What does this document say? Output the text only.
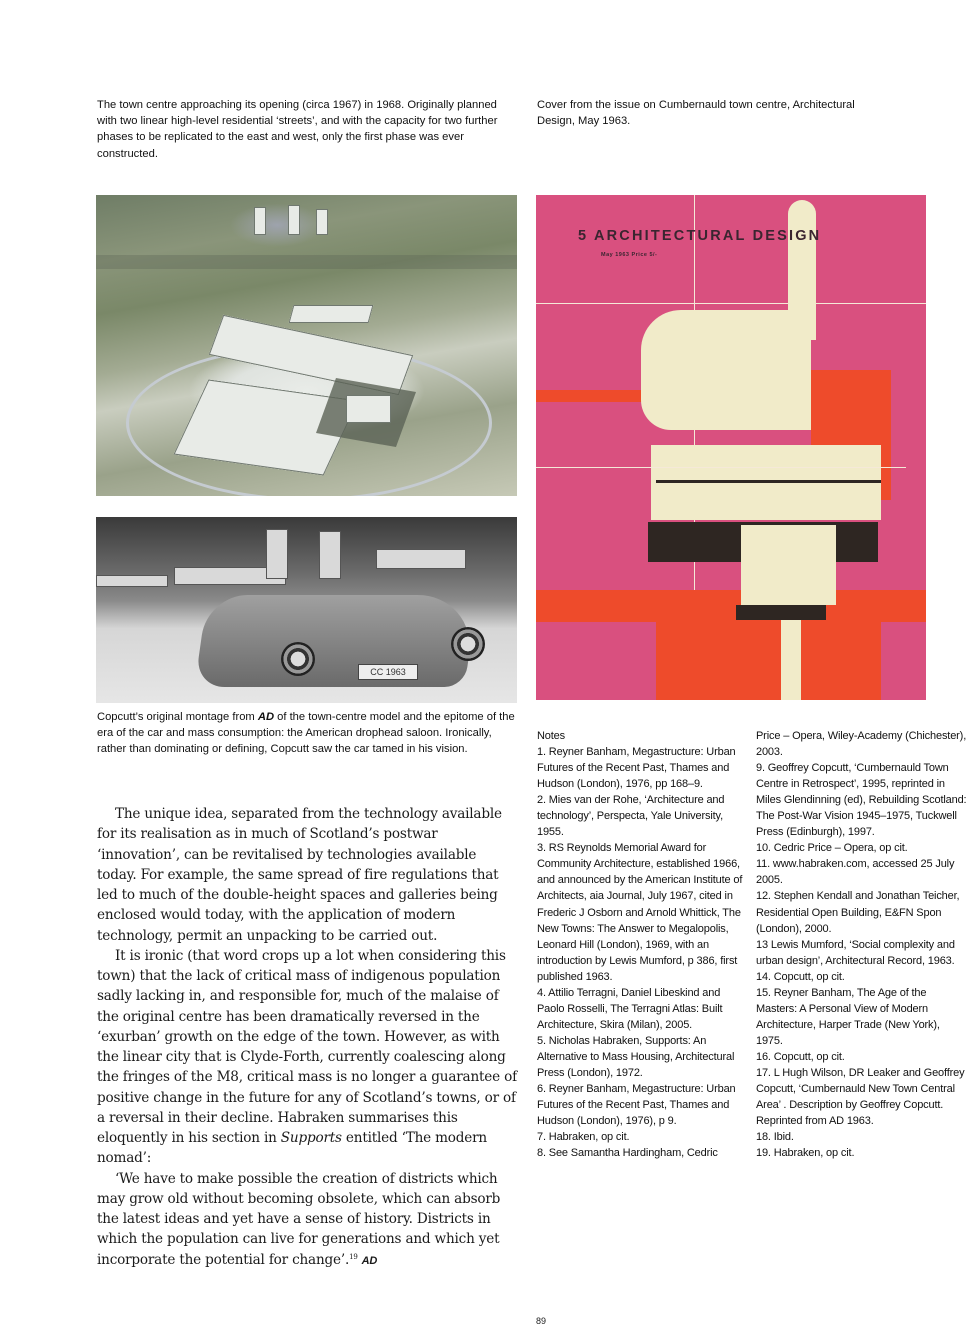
The town centre approaching its opening (circa 1967) in 1968. Originally planned with two linear high-level residential ‘streets’, and with the capacity for two further phases to be replicated to the east and west, only the first phase was ever constructed.
Cover from the issue on Cumbernauld town centre, Architectural Design, May 1963.
CC 1963
Copcutt’s original montage from AD of the town-centre model and the epitome of the era of the car and mass consumption: the American drophead saloon. Ironically, rather than dominating or defining, Copcutt saw the car tamed in his vision.
5 ARCHITECTURAL DESIGN
May 1963 Price 5/-

The unique idea, separated from the technology available for its realisation as in much of Scotland’s postwar ‘innovation’, can be revitalised by technologies available today. For example, the same spread of fire regulations that led to much of the double-height spaces and galleries being enclosed would today, with the application of modern technology, permit an unpacking to be carried out.

It is ironic (that word crops up a lot when considering this town) that the lack of critical mass of indigenous population sadly lacking in, and responsible for, much of the malaise of the original centre has been dramatically reversed in the ‘exurban’ growth on the edge of the town. However, as with the linear city that is Clyde-Forth, currently coalescing along the fringes of the M8, critical mass is no longer a guarantee of positive change in the future for any of Scotland’s towns, or of a reversal in their decline. Habraken summarises this eloquently in his section in Supports entitled ‘The modern nomad’:

‘We have to make possible the creation of districts which may grow old without becoming obsolete, which can absorb the latest ideas and yet have a sense of history. Districts in which the population can live for generations and which yet incorporate the potential for change’.$^{19}$ AD

Notes
1. Reyner Banham, Megastructure: Urban Futures of the Recent Past, Thames and Hudson (London), 1976, pp 168–9.
2. Mies van der Rohe, ‘Architecture and technology’, Perspecta, Yale University, 1955.
3. RS Reynolds Memorial Award for Community Architecture, established 1966, and announced by the American Institute of Architects, aia Journal, July 1967, cited in Frederic J Osborn and Arnold Whittick, The New Towns: The Answer to Megalopolis, Leonard Hill (London), 1969, with an introduction by Lewis Mumford, p 386, first published 1963.
4. Attilio Terragni, Daniel Libeskind and Paolo Rosselli, The Terragni Atlas: Built Architecture, Skira (Milan), 2005.
5. Nicholas Habraken, Supports: An Alternative to Mass Housing, Architectural Press (London), 1972.
6. Reyner Banham, Megastructure: Urban Futures of the Recent Past, Thames and Hudson (London), 1976), p 9.
7. Habraken, op cit.
8. See Samantha Hardingham, Cedric
Price – Opera, Wiley-Academy (Chichester), 2003.
9. Geoffrey Copcutt, ‘Cumbernauld Town Centre in Retrospect’, 1995, reprinted in Miles Glendinning (ed), Rebuilding Scotland: The Post-War Vision 1945–1975, Tuckwell Press (Edinburgh), 1997.
10. Cedric Price – Opera, op cit.
11. www.habraken.com, accessed 25 July 2005.
12. Stephen Kendall and Jonathan Teicher, Residential Open Building, E&FN Spon (London), 2000.
13 Lewis Mumford, ‘Social complexity and urban design’, Architectural Record, 1963.
14. Copcutt, op cit.
15. Reyner Banham, The Age of the Masters: A Personal View of Modern Architecture, Harper Trade (New York), 1975.
16. Copcutt, op cit.
17. L Hugh Wilson, DR Leaker and Geoffrey Copcutt, ‘Cumbernauld New Town Central Area’ . Description by Geoffrey Copcutt. Reprinted from AD 1963.
18. Ibid.
19. Habraken, op cit.
89
